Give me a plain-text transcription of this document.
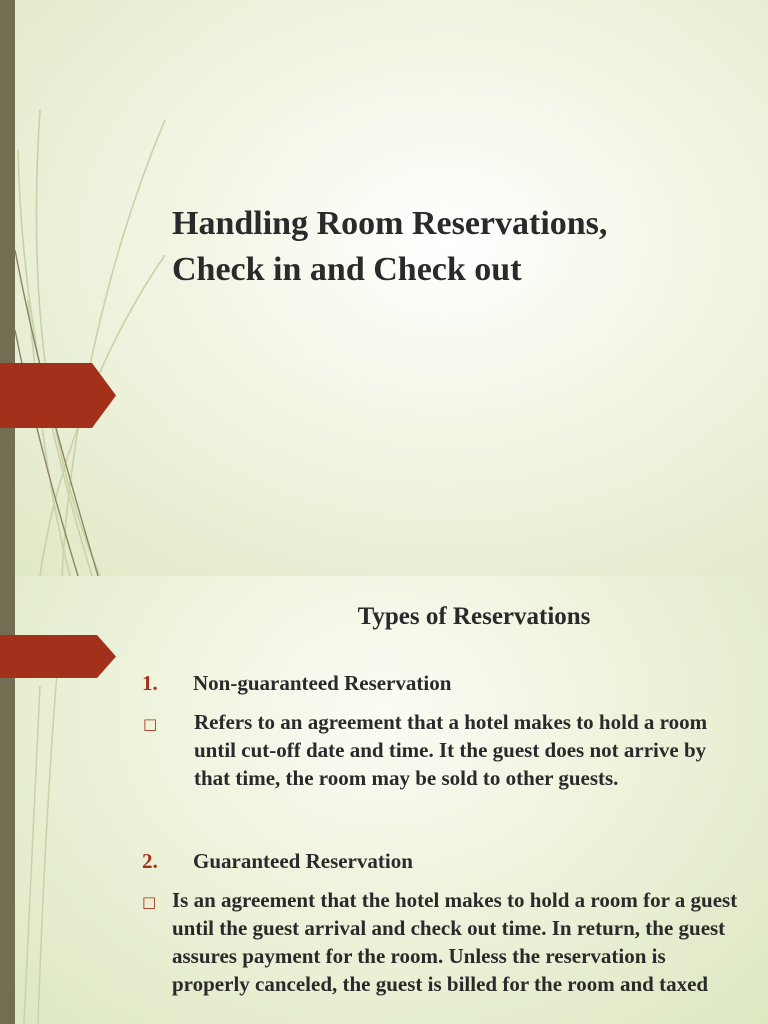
Handling Room Reservations,
Check in and Check out
Types of Reservations
1. Non-guaranteed Reservation
□ Refers to an agreement that a hotel makes to hold a room until cut-off date and time. It the guest does not arrive by that time, the room may be sold to other guests.

2. Guaranteed Reservation
□ Is an agreement that the hotel makes to hold a room for a guest until the guest arrival and check out time. In return, the guest assures payment for the room. Unless the reservation is properly canceled, the guest is billed for the room and taxed
